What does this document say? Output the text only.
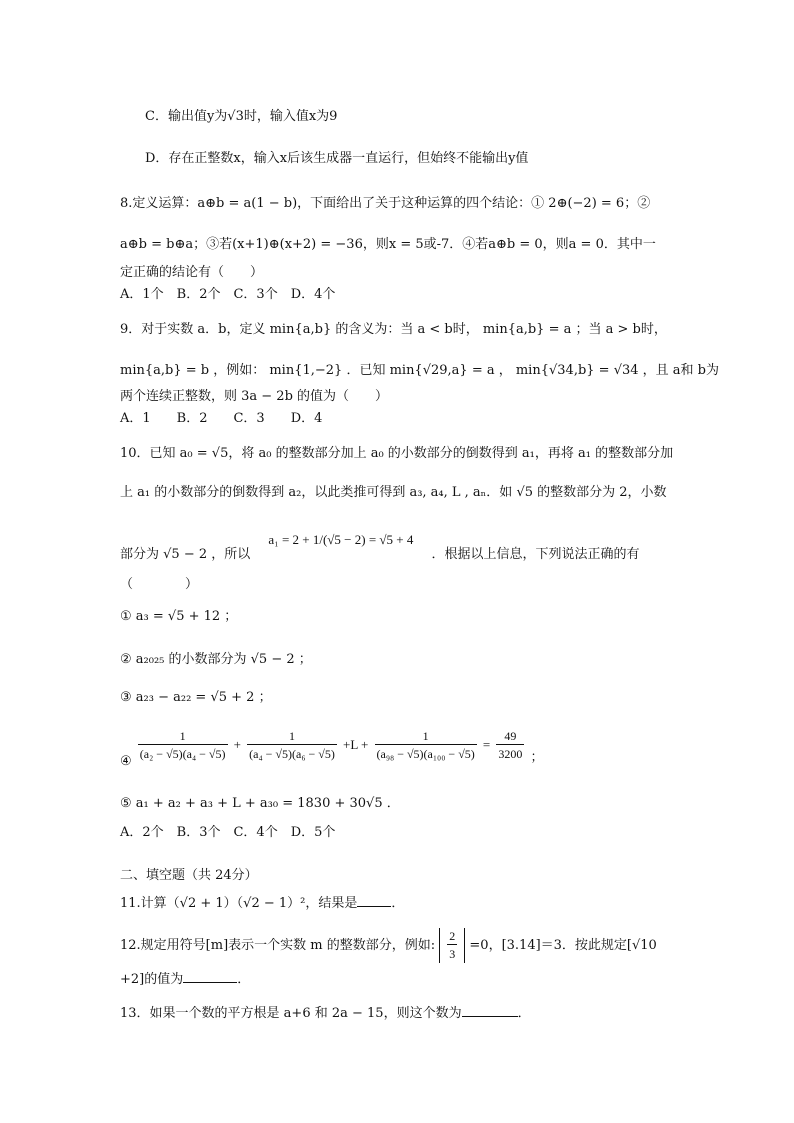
C．输出值y为√3时，输入值x为9
D．存在正整数x，输入x后该生成器一直运行，但始终不能输出y值
8.定义运算：a⊕b = a(1 − b)，下面给出了关于这种运算的四个结论：① 2⊕(−2) = 6；②
a⊕b = b⊕a；③若(x+1)⊕(x+2) = −36，则x = 5或-7．④若a⊕b = 0，则a = 0．其中一
定正确的结论有（　　）
A．1个　B．2个　C．3个　D．4个
9．对于实数 a．b，定义 min{a,b} 的含义为：当 a < b时， min{a,b} = a ；当 a > b时，
min{a,b} = b ，例如： min{1,−2} ．已知 min{√29,a} = a ， min{√34,b} = √34 ，且 a和 b为
两个连续正整数，则 3a − 2b 的值为（　　）
A．1　　B．2　　C．3　　D．4
10．已知 a₀ = √5，将 a₀ 的整数部分加上 a₀ 的小数部分的倒数得到 a₁，再将 a₁ 的整数部分加
上 a₁ 的小数部分的倒数得到 a₂，以此类推可得到 a₃, a₄, L , aₙ．如 √5 的整数部分为 2，小数
部分为 √5 − 2 ，所以 a₁ = 2 + 1/(√5 − 2) = √5 + 4 ．根据以上信息，下列说法正确的有
（　　　　）
① a₃ = √5 + 12 ；
② a₂₀₂₅ 的小数部分为 √5 − 2 ；
③ a₂₃ − a₂₂ = √5 + 2 ；
④ $\frac{1}{\text{(a₂ − √5)(a₄ − √5)}} + \frac{1}{\text{(a₄ − √5)(a₆ − √5)}} +L + \frac{1}{\text{(a₉₈ − √5)(a₁₀₀ − √5)}} = \frac{49}{3200}$ ；
⑤ a₁ + a₂ + a₃ + L + a₃₀ = 1830 + 30√5 ．
A．2个　B．3个　C．4个　D．5个
二、填空题（共 24分）
11.计算（√2 + 1）（√2 − 1）²，结果是	．
12.规定用符号[m]表示一个实数 m 的整数部分，例如: $\frac{2}{3} =0$，[3.14]＝3．按此规定[√10
+2]的值为	．
13．如果一个数的平方根是 a+6 和 2a − 15，则这个数为	．
